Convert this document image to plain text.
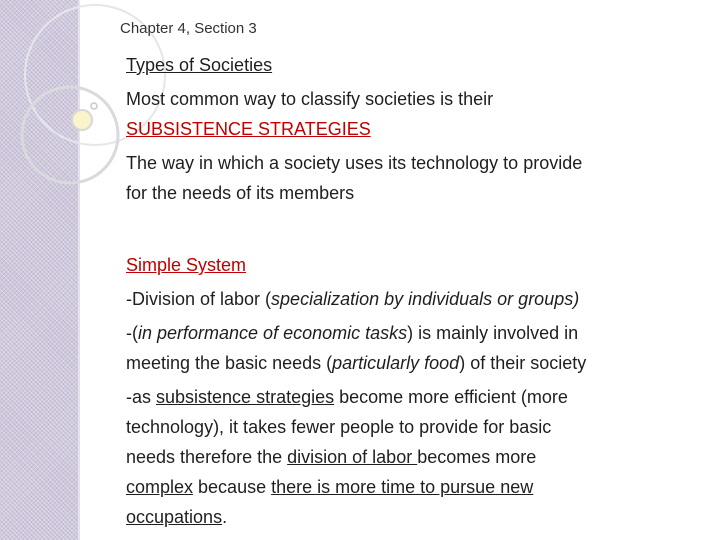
Chapter 4, Section 3

Types of Societies

Most common way to classify societies is their
SUBSISTENCE STRATEGIES

The way in which a society uses its technology to provide
for the needs of its members

Simple System

-Division of labor (specialization by individuals or groups)

-(in performance of economic tasks) is mainly involved in
meeting the basic needs (particularly food) of their society

-as subsistence strategies become more efficient (more
technology), it takes fewer people to provide for basic
needs therefore the division of labor becomes more
complex because there is more time to pursue new
occupations.
